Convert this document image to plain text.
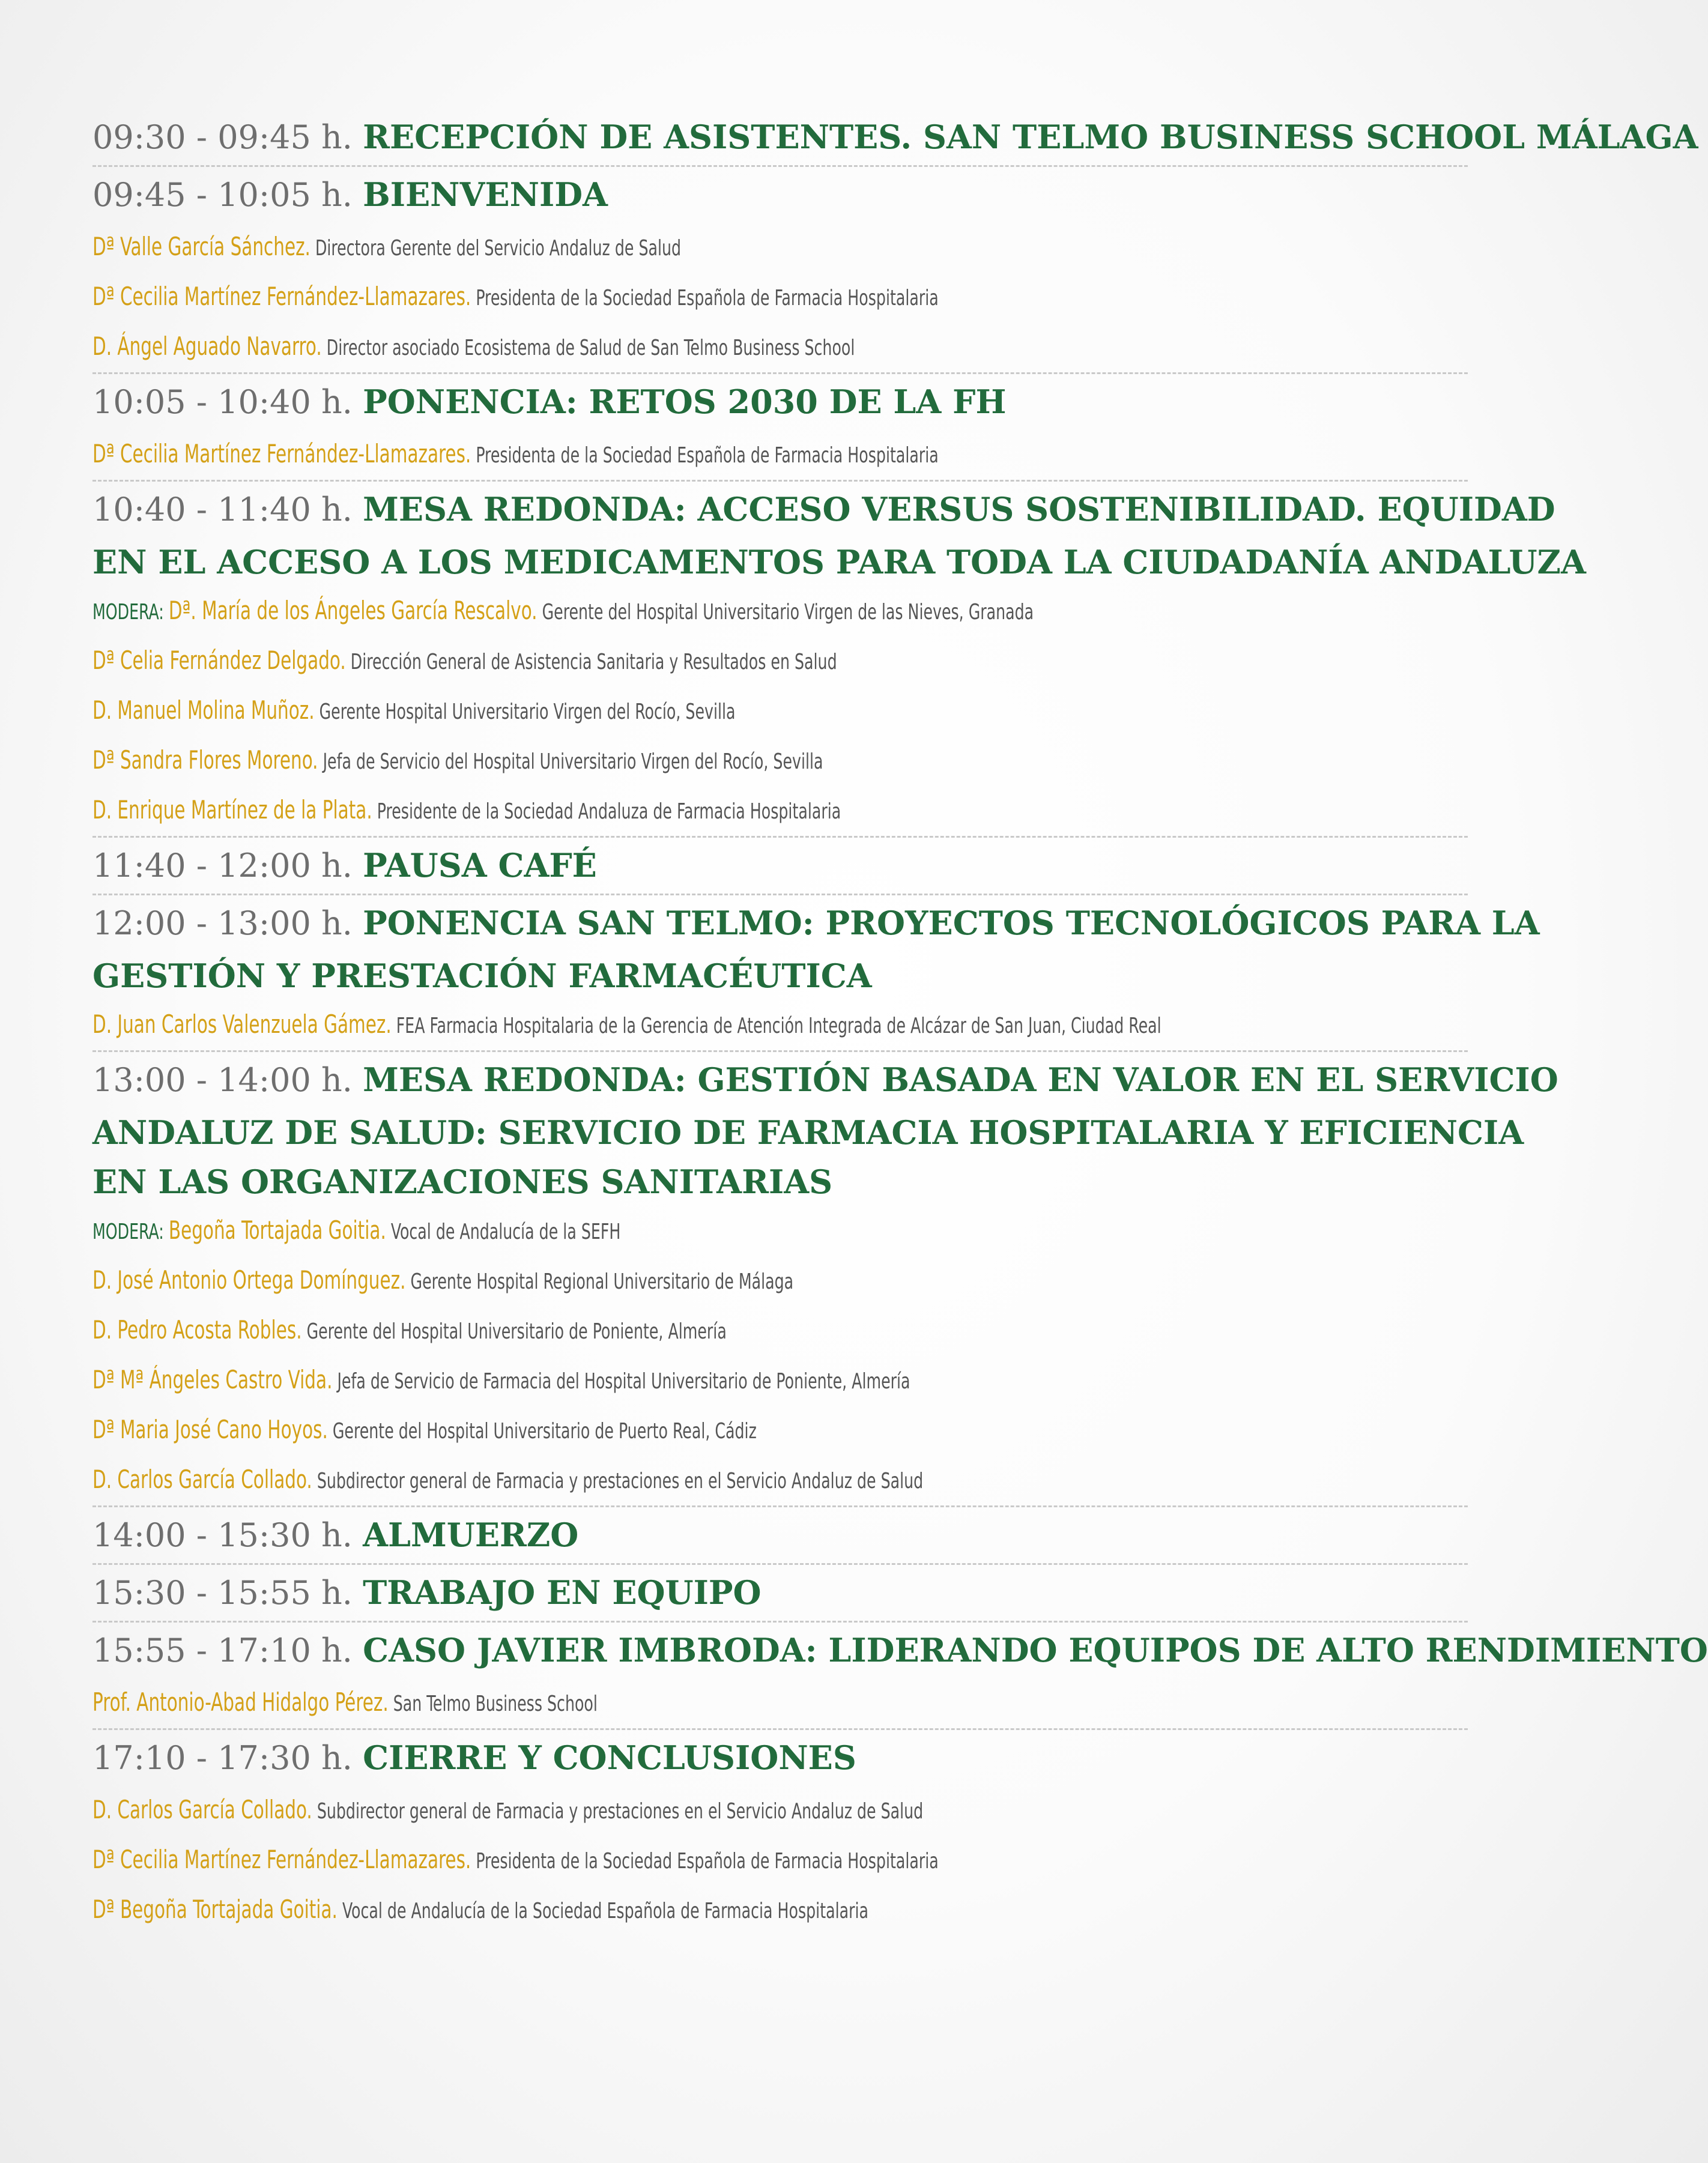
09:30 - 09:45 h. RECEPCIÓN DE ASISTENTES. SAN TELMO BUSINESS SCHOOL MÁLAGA
09:45 - 10:05 h. BIENVENIDA
Dª Valle García Sánchez. Directora Gerente del Servicio Andaluz de Salud
Dª Cecilia Martínez Fernández-Llamazares. Presidenta de la Sociedad Española de Farmacia Hospitalaria
D. Ángel Aguado Navarro. Director asociado Ecosistema de Salud de San Telmo Business School
10:05 - 10:40 h. PONENCIA: RETOS 2030 DE LA FH
Dª Cecilia Martínez Fernández-Llamazares. Presidenta de la Sociedad Española de Farmacia Hospitalaria
10:40 - 11:40 h. MESA REDONDA: ACCESO VERSUS SOSTENIBILIDAD. EQUIDAD
EN EL ACCESO A LOS MEDICAMENTOS PARA TODA LA CIUDADANÍA ANDALUZA
MODERA: Dª. María de los Ángeles García Rescalvo. Gerente del Hospital Universitario Virgen de las Nieves, Granada
Dª Celia Fernández Delgado. Dirección General de Asistencia Sanitaria y Resultados en Salud
D. Manuel Molina Muñoz. Gerente Hospital Universitario Virgen del Rocío, Sevilla
Dª Sandra Flores Moreno. Jefa de Servicio del Hospital Universitario Virgen del Rocío, Sevilla
D. Enrique Martínez de la Plata. Presidente de la Sociedad Andaluza de Farmacia Hospitalaria
11:40 - 12:00 h. PAUSA CAFÉ
12:00 - 13:00 h. PONENCIA SAN TELMO: PROYECTOS TECNOLÓGICOS PARA LA
GESTIÓN Y PRESTACIÓN FARMACÉUTICA
D. Juan Carlos Valenzuela Gámez. FEA Farmacia Hospitalaria de la Gerencia de Atención Integrada de Alcázar de San Juan, Ciudad Real
13:00 - 14:00 h. MESA REDONDA: GESTIÓN BASADA EN VALOR EN EL SERVICIO
ANDALUZ DE SALUD: SERVICIO DE FARMACIA HOSPITALARIA Y EFICIENCIA
EN LAS ORGANIZACIONES SANITARIAS
MODERA: Begoña Tortajada Goitia. Vocal de Andalucía de la SEFH
D. José Antonio Ortega Domínguez. Gerente Hospital Regional Universitario de Málaga
D. Pedro Acosta Robles. Gerente del Hospital Universitario de Poniente, Almería
Dª Mª Ángeles Castro Vida. Jefa de Servicio de Farmacia del Hospital Universitario de Poniente, Almería
Dª Maria José Cano Hoyos. Gerente del Hospital Universitario de Puerto Real, Cádiz
D. Carlos García Collado. Subdirector general de Farmacia y prestaciones en el Servicio Andaluz de Salud
14:00 - 15:30 h. ALMUERZO
15:30 - 15:55 h. TRABAJO EN EQUIPO
15:55 - 17:10 h. CASO JAVIER IMBRODA: LIDERANDO EQUIPOS DE ALTO RENDIMIENTO
Prof. Antonio-Abad Hidalgo Pérez. San Telmo Business School
17:10 - 17:30 h. CIERRE Y CONCLUSIONES
D. Carlos García Collado. Subdirector general de Farmacia y prestaciones en el Servicio Andaluz de Salud
Dª Cecilia Martínez Fernández-Llamazares. Presidenta de la Sociedad Española de Farmacia Hospitalaria
Dª Begoña Tortajada Goitia. Vocal de Andalucía de la Sociedad Española de Farmacia Hospitalaria
